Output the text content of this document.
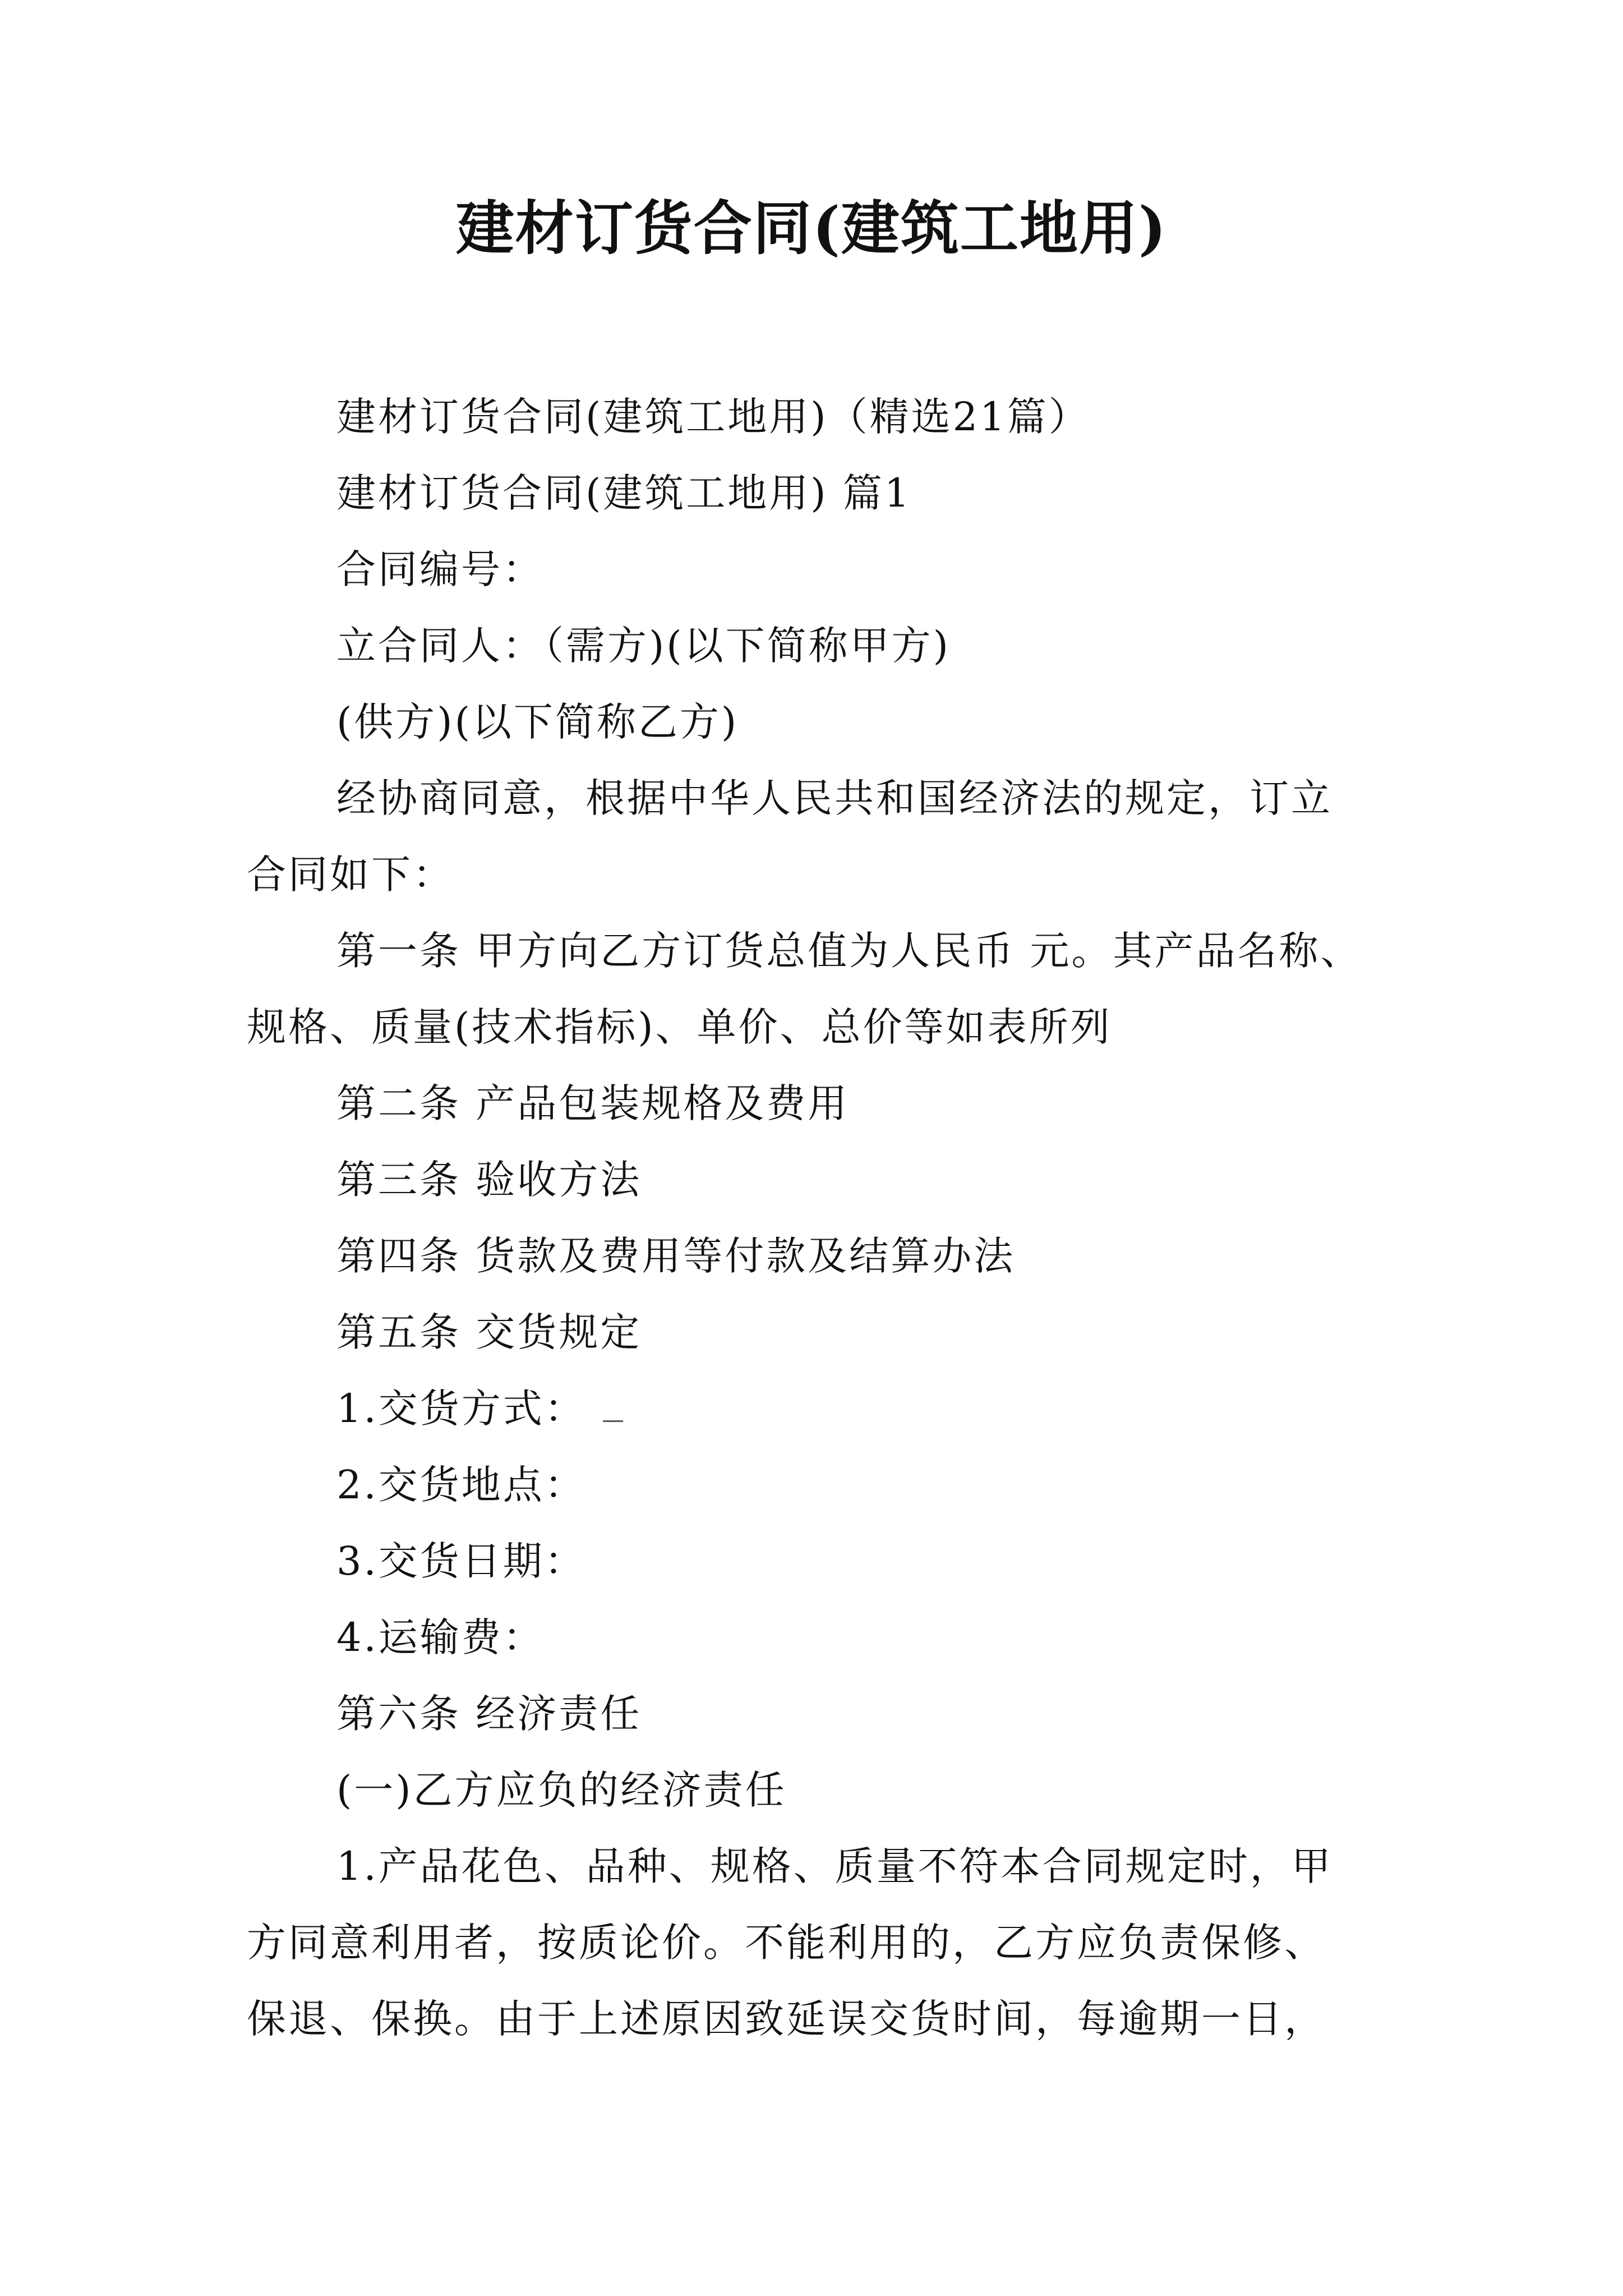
建材订货合同(建筑工地用)
建材订货合同(建筑工地用)（精选21篇）
建材订货合同(建筑工地用) 篇1
合同编号：
立合同人：（需方)(以下简称甲方)
(供方)(以下简称乙方)
经协商同意，根据中华人民共和国经济法的规定，订立
合同如下：
第一条 甲方向乙方订货总值为人民币 元。其产品名称、
规格、质量(技术指标)、单价、总价等如表所列
第二条 产品包装规格及费用
第三条 验收方法
第四条 货款及费用等付款及结算办法
第五条 交货规定
1.交货方式：
2.交货地点：
3.交货日期：
4.运输费：
第六条 经济责任
(一)乙方应负的经济责任
1.产品花色、品种、规格、质量不符本合同规定时，甲
方同意利用者，按质论价。不能利用的，乙方应负责保修、
保退、保换。由于上述原因致延误交货时间，每逾期一日，
